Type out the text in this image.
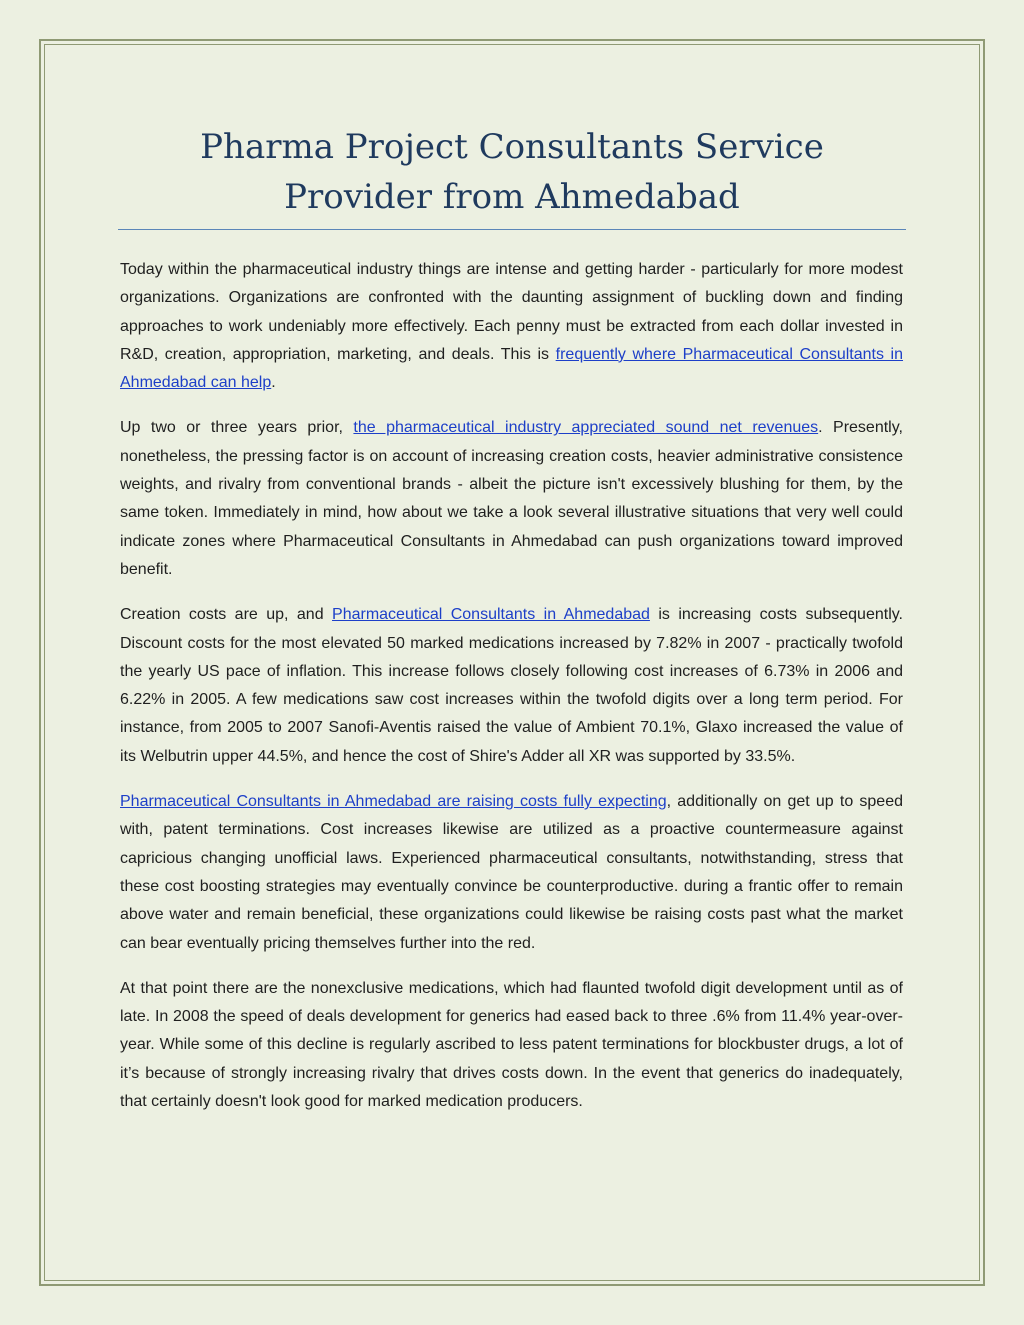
Pharma Project Consultants Service
Provider from Ahmedabad

Today within the pharmaceutical industry things are intense and getting harder - particularly for more modest organizations. Organizations are confronted with the daunting assignment of buckling down and finding approaches to work undeniably more effectively. Each penny must be extracted from each dollar invested in R&D, creation, appropriation, marketing, and deals. This is frequently where Pharmaceutical Consultants in Ahmedabad can help.

Up two or three years prior, the pharmaceutical industry appreciated sound net revenues. Presently, nonetheless, the pressing factor is on account of increasing creation costs, heavier administrative consistence weights, and rivalry from conventional brands - albeit the picture isn't excessively blushing for them, by the same token. Immediately in mind, how about we take a look several illustrative situations that very well could indicate zones where Pharmaceutical Consultants in Ahmedabad can push organizations toward improved benefit.

Creation costs are up, and Pharmaceutical Consultants in Ahmedabad is increasing costs subsequently. Discount costs for the most elevated 50 marked medications increased by 7.82% in 2007 - practically twofold the yearly US pace of inflation. This increase follows closely following cost increases of 6.73% in 2006 and 6.22% in 2005. A few medications saw cost increases within the twofold digits over a long term period. For instance, from 2005 to 2007 Sanofi-Aventis raised the value of Ambient 70.1%, Glaxo increased the value of its Welbutrin upper 44.5%, and hence the cost of Shire's Adder all XR was supported by 33.5%.

Pharmaceutical Consultants in Ahmedabad are raising costs fully expecting, additionally on get up to speed with, patent terminations. Cost increases likewise are utilized as a proactive countermeasure against capricious changing unofficial laws. Experienced pharmaceutical consultants, notwithstanding, stress that these cost boosting strategies may eventually convince be counterproductive. during a frantic offer to remain above water and remain beneficial, these organizations could likewise be raising costs past what the market can bear eventually pricing themselves further into the red.

At that point there are the nonexclusive medications, which had flaunted twofold digit development until as of late. In 2008 the speed of deals development for generics had eased back to three .6% from 11.4% year-over-year. While some of this decline is regularly ascribed to less patent terminations for blockbuster drugs, a lot of it’s because of strongly increasing rivalry that drives costs down. In the event that generics do inadequately, that certainly doesn't look good for marked medication producers.
